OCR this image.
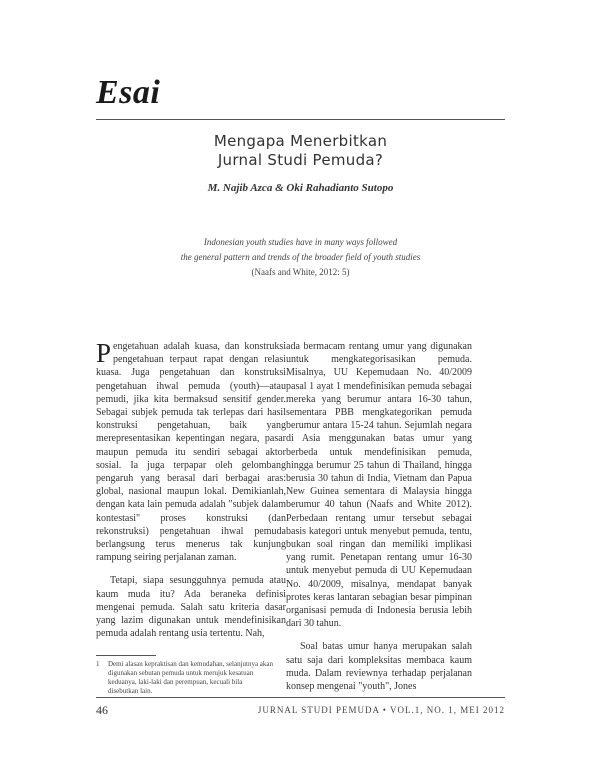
Esai
Mengapa Menerbitkan
Jurnal Studi Pemuda?
M. Najib Azca & Oki Rahadianto Sutopo
Indonesian youth studies have in many ways followed
the general pattern and trends of the broader field of youth studies
(Naafs and White, 2012: 5)

Pengetahuan adalah kuasa, dan konstruksi pengetahuan terpaut rapat dengan relasi kuasa. Juga pengetahuan dan konstruksi pengetahuan ihwal pemuda (youth)—atau pemudi, jika kita bermaksud sensitif gender. Sebagai subjek pemuda tak terlepas dari hasil konstruksi pengetahuan, baik yang merepresentasikan kepentingan negara, pasar maupun pemuda itu sendiri sebagai aktor sosial. Ia juga terpapar oleh gelombang pengaruh yang berasal dari berbagai aras: global, nasional maupun lokal. Demikianlah, dengan kata lain pemuda adalah "subjek dalam kontestasi" proses konstruksi (dan rekonstruksi) pengetahuan ihwal pemuda berlangsung terus menerus tak kunjung rampung seiring perjalanan zaman.

Tetapi, siapa sesungguhnya pemuda atau kaum muda itu? Ada beraneka definisi mengenai pemuda. Salah satu kriteria dasar yang lazim digunakan untuk mendefinisikan pemuda adalah rentang usia tertentu. Nah,

ada bermacam rentang umur yang digunakan untuk mengkategorisasikan pemuda. Misalnya, UU Kepemudaan No. 40/2009 pasal 1 ayat 1 mendefinisikan pemuda sebagai mereka yang berumur antara 16-30 tahun, sementara PBB mengkategorikan pemuda berumur antara 15-24 tahun. Sejumlah negara di Asia menggunakan batas umur yang berbeda untuk mendefinisikan pemuda, hingga berumur 25 tahun di Thailand, hingga berusia 30 tahun di India, Vietnam dan Papua New Guinea sementara di Malaysia hingga berumur 40 tahun (Naafs and White 2012). Perbedaan rentang umur tersebut sebagai basis kategori untuk menyebut pemuda, tentu, bukan soal ringan dan memiliki implikasi yang rumit. Penetapan rentang umur 16-30 untuk menyebut pemuda di UU Kepemudaan No. 40/2009, misalnya, mendapat banyak protes keras lantaran sebagian besar pimpinan organisasi pemuda di Indonesia berusia lebih dari 30 tahun.

Soal batas umur hanya merupakan salah satu saja dari kompleksitas membaca kaum muda. Dalam reviewnya terhadap perjalanan konsep mengenai "youth", Jones

1 Demi alasan kepraktisan dan kemudahan, selanjutnya akan digunakan sebutan pemuda untuk merujuk kesatuan keduanya, laki-laki dan perempuan, kecuali bila disebutkan lain.
46	JURNAL STUDI PEMUDA • VOL.1, NO. 1, MEI 2012
